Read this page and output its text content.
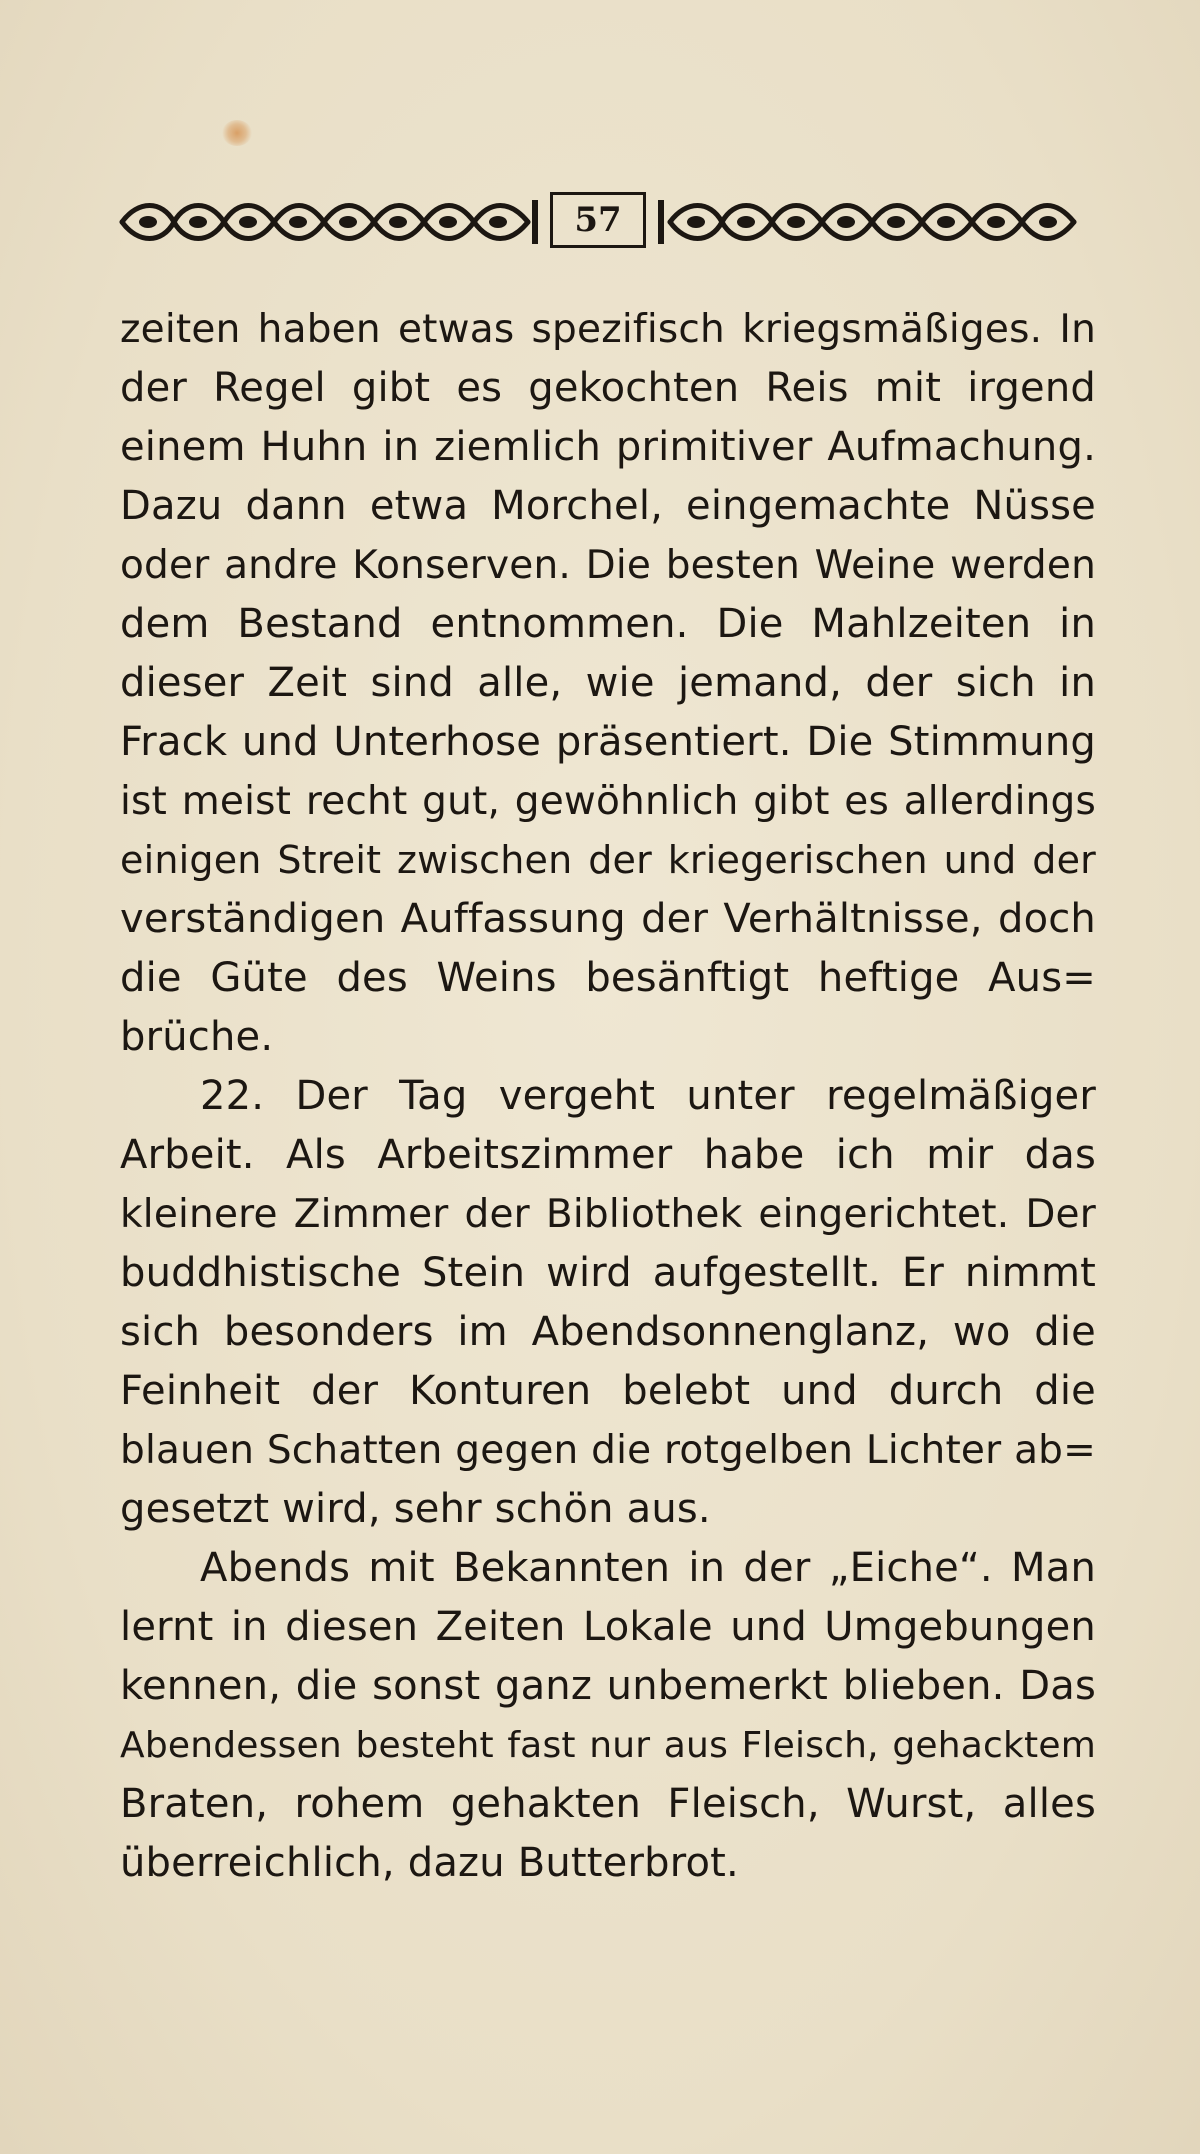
57
zeiten haben etwas spezifisch kriegsmäßiges. In
der Regel gibt es gekochten Reis mit irgend
einem Huhn in ziemlich primitiver Aufmachung.
Dazu dann etwa Morchel, eingemachte Nüsse
oder andre Konserven. Die besten Weine werden
dem Bestand entnommen. Die Mahlzeiten in
dieser Zeit sind alle, wie jemand, der sich in
Frack und Unterhose präsentiert. Die Stimmung
ist meist recht gut, gewöhnlich gibt es allerdings
einigen Streit zwischen der kriegerischen und der
verständigen Auffassung der Verhältnisse, doch
die Güte des Weins besänftigt heftige Aus=
brüche.
22. Der Tag vergeht unter regelmäßiger
Arbeit. Als Arbeitszimmer habe ich mir das
kleinere Zimmer der Bibliothek eingerichtet. Der
buddhistische Stein wird aufgestellt. Er nimmt
sich besonders im Abendsonnenglanz, wo die
Feinheit der Konturen belebt und durch die
blauen Schatten gegen die rotgelben Lichter ab=
gesetzt wird, sehr schön aus.
Abends mit Bekannten in der „Eiche“. Man
lernt in diesen Zeiten Lokale und Umgebungen
kennen, die sonst ganz unbemerkt blieben. Das
Abendessen besteht fast nur aus Fleisch, gehacktem
Braten, rohem gehakten Fleisch, Wurst, alles
überreichlich, dazu Butterbrot.
